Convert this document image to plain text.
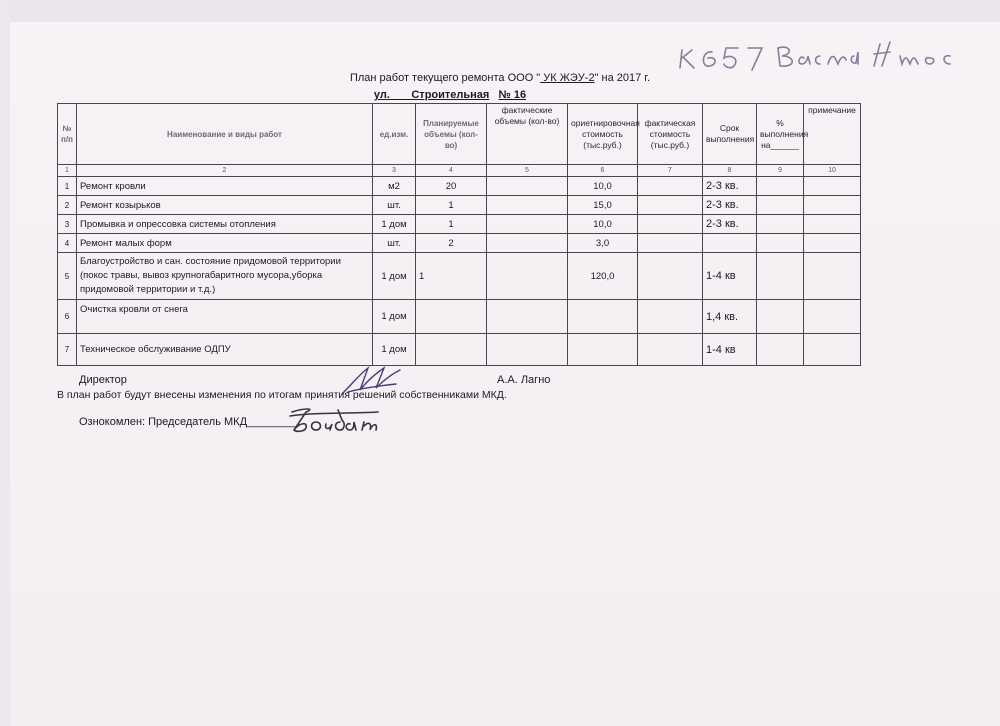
План работ текущего ремонта ООО " УК ЖЭУ-2" на 2017 г.
ул. ___Строительная № 16
№ п/п	Наименование и виды работ	ед.изм.	Планируемые объемы (кол-во)	фактические объемы (кол-во)	ориетнировочная стоимость (тыс.руб.)	фактическая стоимость (тыс.руб.)	Срок выполнения	% выполнения на______	примечание
1	2	3	4	5	6	7	8	9	10
1	Ремонт кровли	м2	20		10,0		2-3 кв.		
2	Ремонт козырьков	шт.	1		15,0		2-3 кв.		
3	Промывка и опрессовка системы отопления	1 дом	1		10,0		2-3 кв.		
4	Ремонт малых форм	шт.	2		3,0				
5	Благоустройство и сан. состояние придомовой территории (покос травы, вывоз крупногабаритного мусора,уборка придомовой территории и т.д.)	1 дом	1		120,0		1-4 кв		
6	Очистка кровли от снега	1 дом					1,4 кв.		
7	Техническое обслуживание ОДПУ	1 дом					1-4 кв		
Директор	А.А. Лагно
В план работ будут внесены изменения по итогам принятия решений собственниками МКД.
Ознокомлен: Председатель МКД________
